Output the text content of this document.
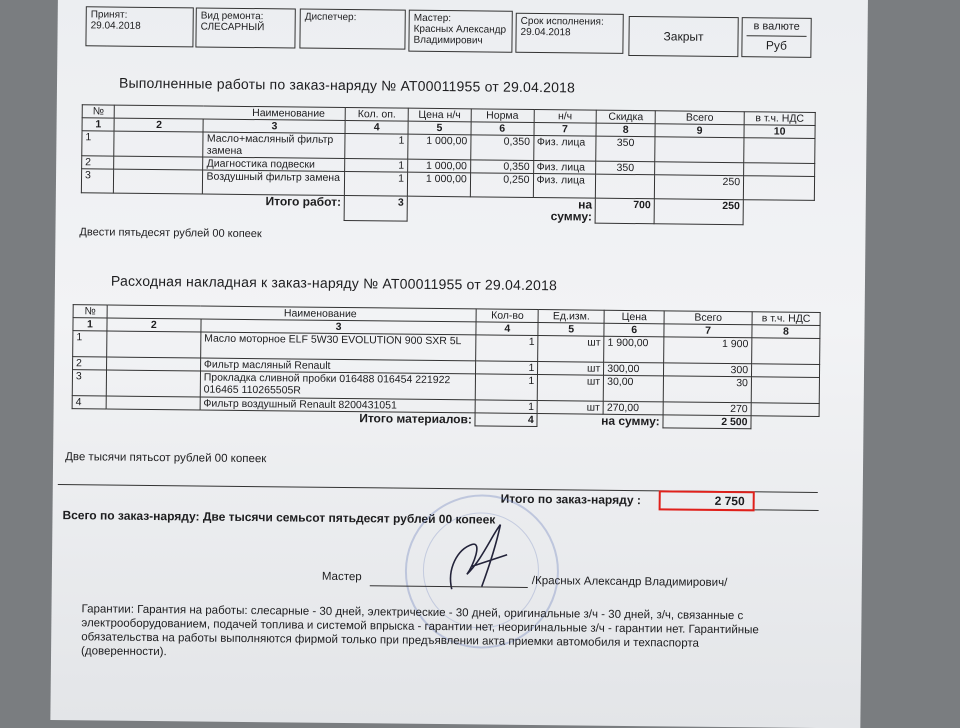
Принят:
29.04.2018
Вид ремонта:
СЛЕСАРНЫЙ
Диспетчер:	Мастер:
Красных Александр Владимирович
Срок исполнения:
29.04.2018	Закрыт
в валюте
Руб
Выполненные работы по заказ-наряду № АТ00011955 от 29.04.2018
№	Наименование		Кол. оп.	Цена н/ч	Норма	н/ч	Скидка	Всего	в т.ч. НДС
1	2	3	4	5	6	7	8	9	10
1		Масло+масляный фильтр замена	1	1 000,00	0,350	Физ. лица	350		
2		Диагностика подвески	1	1 000,00	0,350	Физ. лица	350		
3		Воздушный фильтр замена	1	1 000,00	0,250	Физ. лица		250	
		Итого работ:	3			на сумму:	700	250	
Двести пятьдесят рублей 00 копеек
Расходная накладная к заказ-наряду № АТ00011955 от 29.04.2018
№	Наименование		Кол-во	Ед.изм.	Цена	Всего	в т.ч. НДС
1	2	3	4	5	6	7	8
1		Масло моторное ELF 5W30 EVOLUTION 900 SXR 5L	1	шт	1 900,00	1 900	
2		Фильтр масляный Renault	1	шт	300,00	300	
3		Прокладка сливной пробки 016488 016454 221922 016465 110265505R	1	шт	30,00	30	
4		Фильтр воздушный Renault 8200431051	1	шт	270,00	270	
		Итого материалов:	4	на сумму:		2 500	
Две тысячи пятьсот рублей 00 копеек
Итого по заказ-наряду :	2 750
Всего по заказ-наряду: Две тысячи семьсот пятьдесят рублей 00 копеек
Мастер	/Красных Александр Владимирович/
Гарантии: Гарантия на работы: слесарные - 30 дней, электрические - 30 дней, оригинальные з/ч - 30 дней, з/ч, связанные с электрооборудованием, подачей топлива и системой впрыска - гарантии нет, неоригинальные з/ч - гарантии нет. Гарантийные обязательства на работы выполняются фирмой только при предъявлении акта приемки автомобиля и техпаспорта (доверенности).
